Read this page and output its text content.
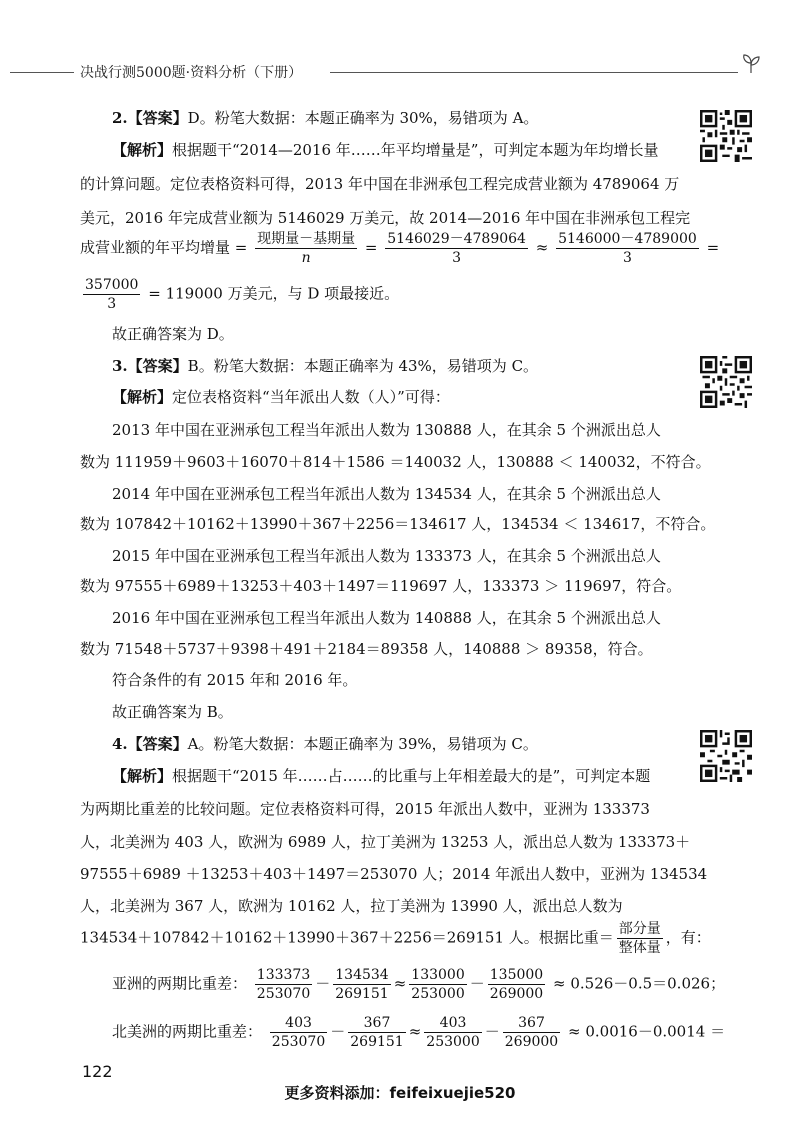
决战行测5000题·资料分析（下册）
2.【答案】D。粉笔大数据：本题正确率为 30%，易错项为 A。
【解析】根据题干“2014—2016 年……年平均增量是”，可判定本题为年均增长量
的计算问题。定位表格资料可得，2013 年中国在非洲承包工程完成营业额为 4789064 万
美元，2016 年完成营业额为 5146029 万美元，故 2014—2016 年中国在非洲承包工程完
成营业额的年平均增量 = $\frac{\text{现期量－基期量}}{n} = \frac{5146029-4789064}{3} \approx \frac{5146000-4789000}{3}$ =
$\frac{357000}{3} = 119000$ 万美元，与 D 项最接近。
故正确答案为 D。
3.【答案】B。粉笔大数据：本题正确率为 43%，易错项为 C。
【解析】定位表格资料“当年派出人数（人）”可得：
2013 年中国在亚洲承包工程当年派出人数为 130888 人，在其余 5 个洲派出总人
数为 111959＋9603＋16070＋814＋1586 ＝140032 人，130888 ＜ 140032，不符合。
2014 年中国在亚洲承包工程当年派出人数为 134534 人，在其余 5 个洲派出总人
数为 107842＋10162＋13990＋367＋2256＝134617 人，134534 ＜ 134617，不符合。
2015 年中国在亚洲承包工程当年派出人数为 133373 人，在其余 5 个洲派出总人
数为 97555＋6989＋13253＋403＋1497＝119697 人，133373 ＞ 119697，符合。
2016 年中国在亚洲承包工程当年派出人数为 140888 人，在其余 5 个洲派出总人
数为 71548＋5737＋9398＋491＋2184＝89358 人，140888 ＞ 89358，符合。
符合条件的有 2015 年和 2016 年。
故正确答案为 B。
4.【答案】A。粉笔大数据：本题正确率为 39%，易错项为 C。
【解析】根据题干“2015 年……占……的比重与上年相差最大的是”，可判定本题
为两期比重差的比较问题。定位表格资料可得，2015 年派出人数中，亚洲为 133373
人，北美洲为 403 人，欧洲为 6989 人，拉丁美洲为 13253 人，派出总人数为 133373＋
97555＋6989 ＋13253＋403＋1497＝253070 人；2014 年派出人数中，亚洲为 134534
人，北美洲为 367 人，欧洲为 10162 人，拉丁美洲为 13990 人，派出总人数为
134534＋107842＋10162＋13990＋367＋2256＝269151 人。根据比重＝ $\frac{\text{部分量}}{\text{整体量}}$ ，有：
亚洲的两期比重差： $\frac{133373}{253070} - \frac{134534}{269151} \approx \frac{133000}{253000} - \frac{135000}{269000} \approx 0.526-0.5=0.026$；
北美洲的两期比重差： $\frac{403}{253070} - \frac{367}{269151} \approx \frac{403}{253000} - \frac{367}{269000} \approx 0.0016-0.0014$ ＝
122
更多资料添加：feifeixuejie520
